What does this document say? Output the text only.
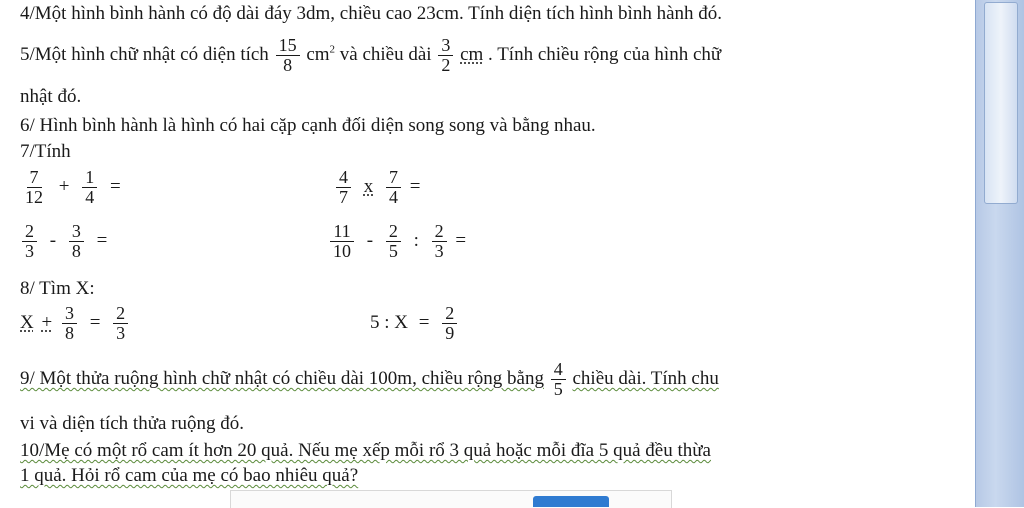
4/Một hình bình hành có độ dài đáy 3dm, chiều cao 23cm. Tính diện tích hình bình hành đó.
5/Một hình chữ nhật có diện tích $\frac{15}{8} cm^2$ và chiều dài $\frac{3}{2}$ cm . Tính chiều rộng của hình chữ
nhật đó.
6/ Hình bình hành là hình có hai cặp cạnh đối diện song song và bằng nhau.
7/Tính
$\frac{7}{12} + \frac{1}{4}$ =	$\frac{4}{7}$ x $\frac{7}{4}$ =
$\frac{2}{3} - \frac{3}{8}$ =	$\frac{11}{10} - \frac{2}{5}$ : $\frac{2}{3}$ =
8/ Tìm X:
$X + \frac{3}{8} = \frac{2}{3}$	5 : $X = \frac{2}{9}$
9/ Một thửa ruộng hình chữ nhật có chiều dài 100m, chiều rộng bằng $\frac{4}{5}$ chiều dài. Tính chu
vi và diện tích thửa ruộng đó.
10/Mẹ có một rổ cam ít hơn 20 quả. Nếu mẹ xếp mỗi rổ 3 quả hoặc mỗi đĩa 5 quả đều thừa
1 quả. Hỏi rổ cam của mẹ có bao nhiêu quả?
